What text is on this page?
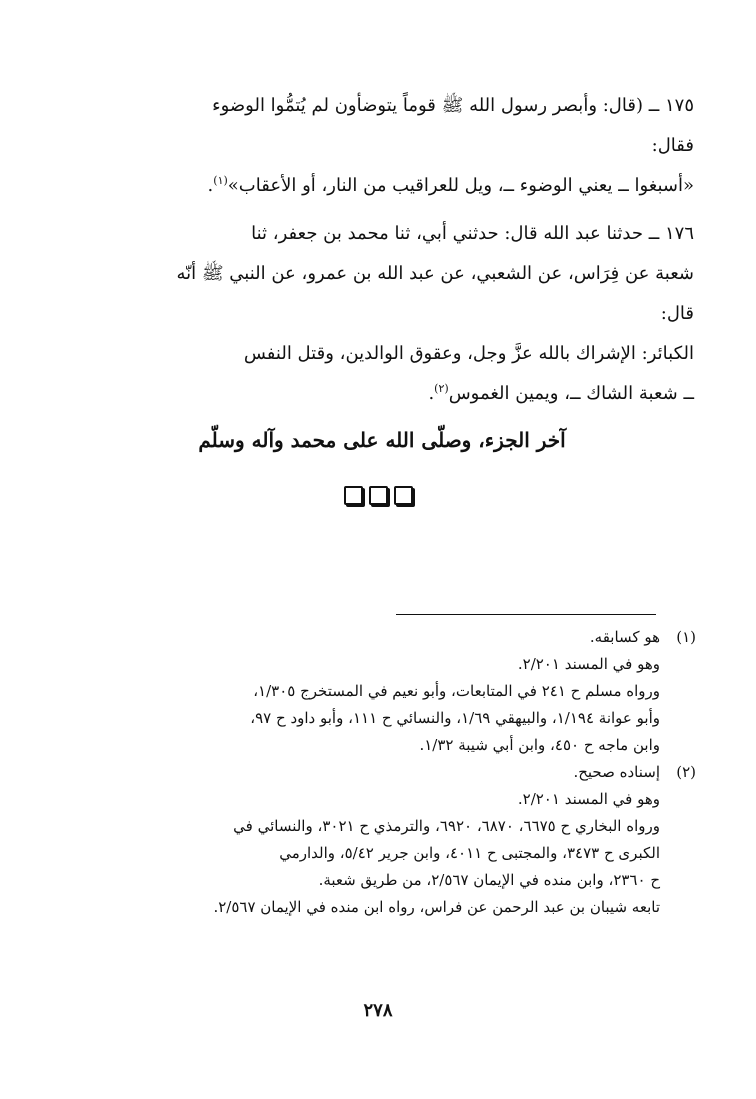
١٧٥ ــ (قال: وأبصر رسول الله ﷺ قوماً يتوضأون لم يُتمُّوا الوضوء
فقال:
«أسبغوا ــ يعني الوضوء ــ، ويل للعراقيب من النار، أو الأعقاب»$^{(١)}$.

١٧٦ ــ حدثنا عبد الله قال: حدثني أبي، ثنا محمد بن جعفر، ثنا
شعبة عن فِرَاس، عن الشعبي، عن عبد الله بن عمرو، عن النبي ﷺ أنّه
قال:
الكبائر: الإشراك بالله عزَّ وجل، وعقوق الوالدين، وقتل النفس
ــ شعبة الشاك ــ، ويمين الغموس$^{(٢)}$.

آخر الجزء، وصلّى الله على محمد وآله وسلّم
(١)
هو كسابقه.
وهو في المسند ٢/٢٠١.
ورواه مسلم ح ٢٤١ في المتابعات، وأبو نعيم في المستخرج ١/٣٠٥،
وأبو عوانة ١/١٩٤، والبيهقي ١/٦٩، والنسائي ح ١١١، وأبو داود ح ٩٧،
وابن ماجه ح ٤٥٠، وابن أبي شيبة ١/٣٢.
(٢)
إسناده صحيح.
وهو في المسند ٢/٢٠١.
ورواه البخاري ح ٦٦٧٥، ٦٨٧٠، ٦٩٢٠، والترمذي ح ٣٠٢١، والنسائي في
الكبرى ح ٣٤٧٣، والمجتبى ح ٤٠١١، وابن جرير ٥/٤٢، والدارمي
ح ٢٣٦٠، وابن منده في الإيمان ٢/٥٦٧، من طريق شعبة.
تابعه شيبان بن عبد الرحمن عن فراس، رواه ابن منده في الإيمان ٢/٥٦٧.
٢٧٨
